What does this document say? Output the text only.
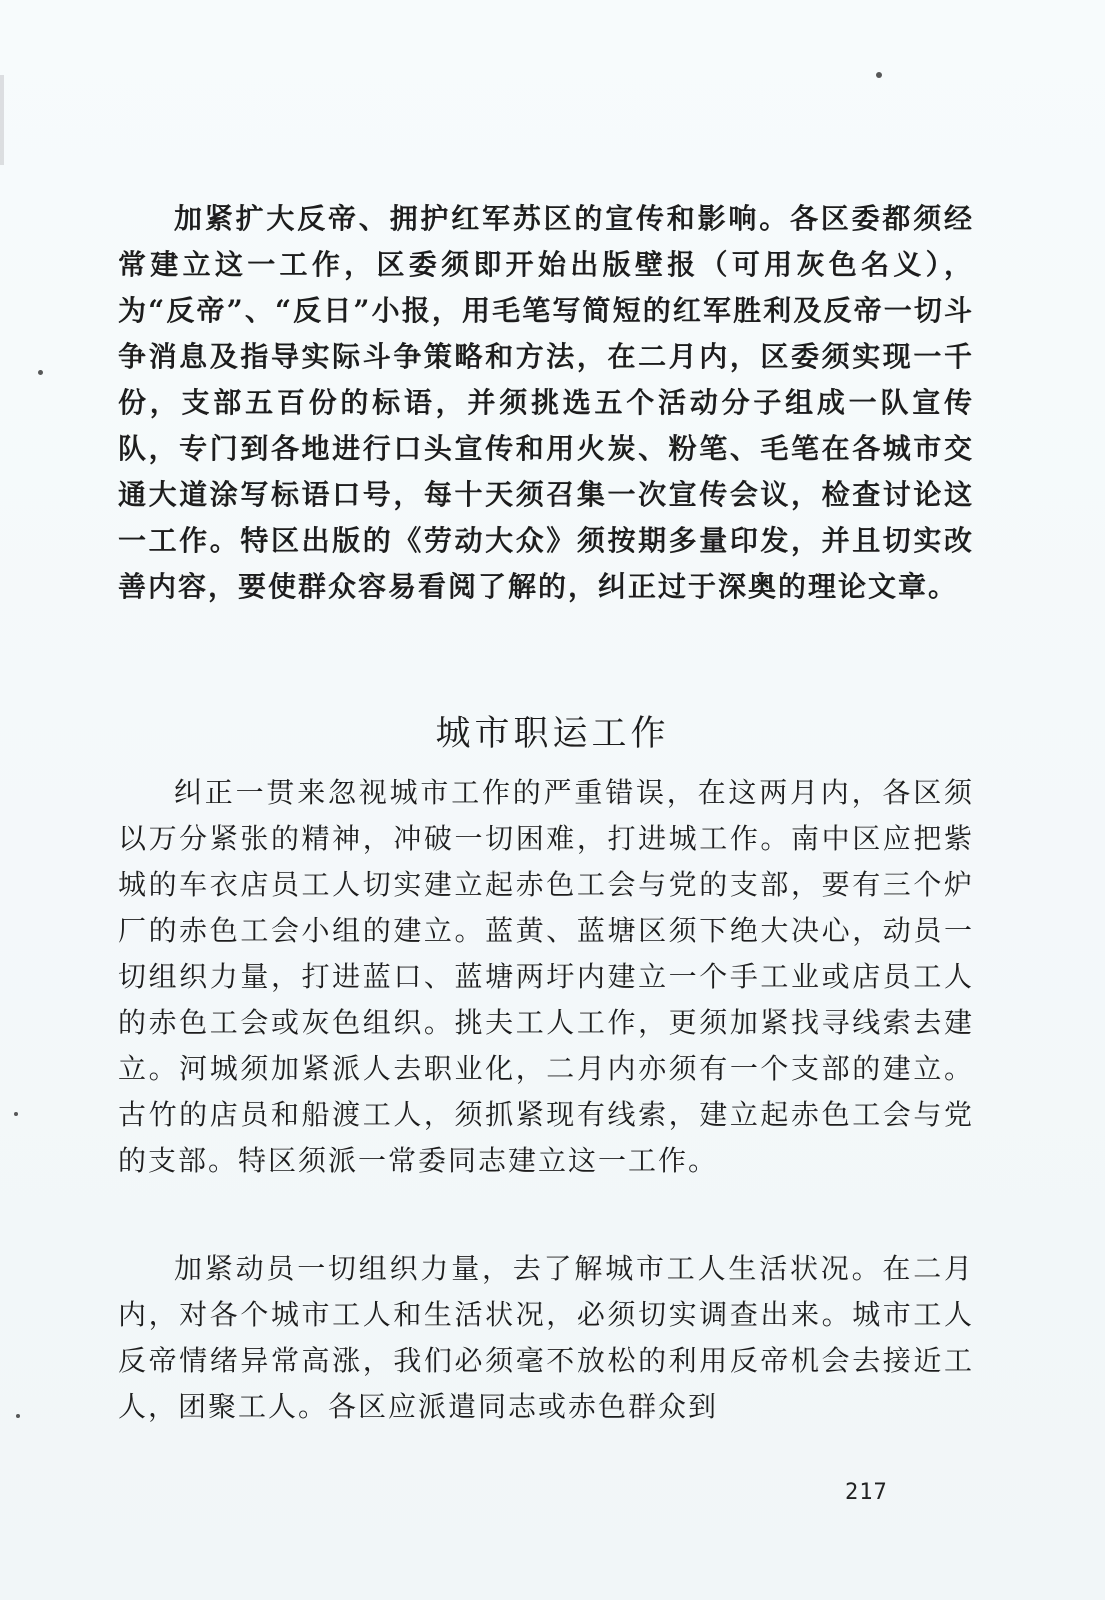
加紧扩大反帝、拥护红军苏区的宣传和影响。各区委都须经常建立这一工作，区委须即开始出版壁报（可用灰色名义），为“反帝”、“反日”小报，用毛笔写简短的红军胜利及反帝一切斗争消息及指导实际斗争策略和方法，在二月内，区委须实现一千份，支部五百份的标语，并须挑选五个活动分子组成一队宣传队，专门到各地进行口头宣传和用火炭、粉笔、毛笔在各城市交通大道涂写标语口号，每十天须召集一次宣传会议，检查讨论这一工作。特区出版的《劳动大众》须按期多量印发，并且切实改善内容，要使群众容易看阅了解的，纠正过于深奥的理论文章。

城市职运工作

纠正一贯来忽视城市工作的严重错误，在这两月内，各区须以万分紧张的精神，冲破一切困难，打进城工作。南中区应把紫城的车衣店员工人切实建立起赤色工会与党的支部，要有三个炉厂的赤色工会小组的建立。蓝黄、蓝塘区须下绝大决心，动员一切组织力量，打进蓝口、蓝塘两圩内建立一个手工业或店员工人的赤色工会或灰色组织。挑夫工人工作，更须加紧找寻线索去建立。河城须加紧派人去职业化，二月内亦须有一个支部的建立。古竹的店员和船渡工人，须抓紧现有线索，建立起赤色工会与党的支部。特区须派一常委同志建立这一工作。

加紧动员一切组织力量，去了解城市工人生活状况。在二月内，对各个城市工人和生活状况，必须切实调查出来。城市工人反帝情绪异常高涨，我们必须毫不放松的利用反帝机会去接近工人，团聚工人。各区应派遣同志或赤色群众到

217
